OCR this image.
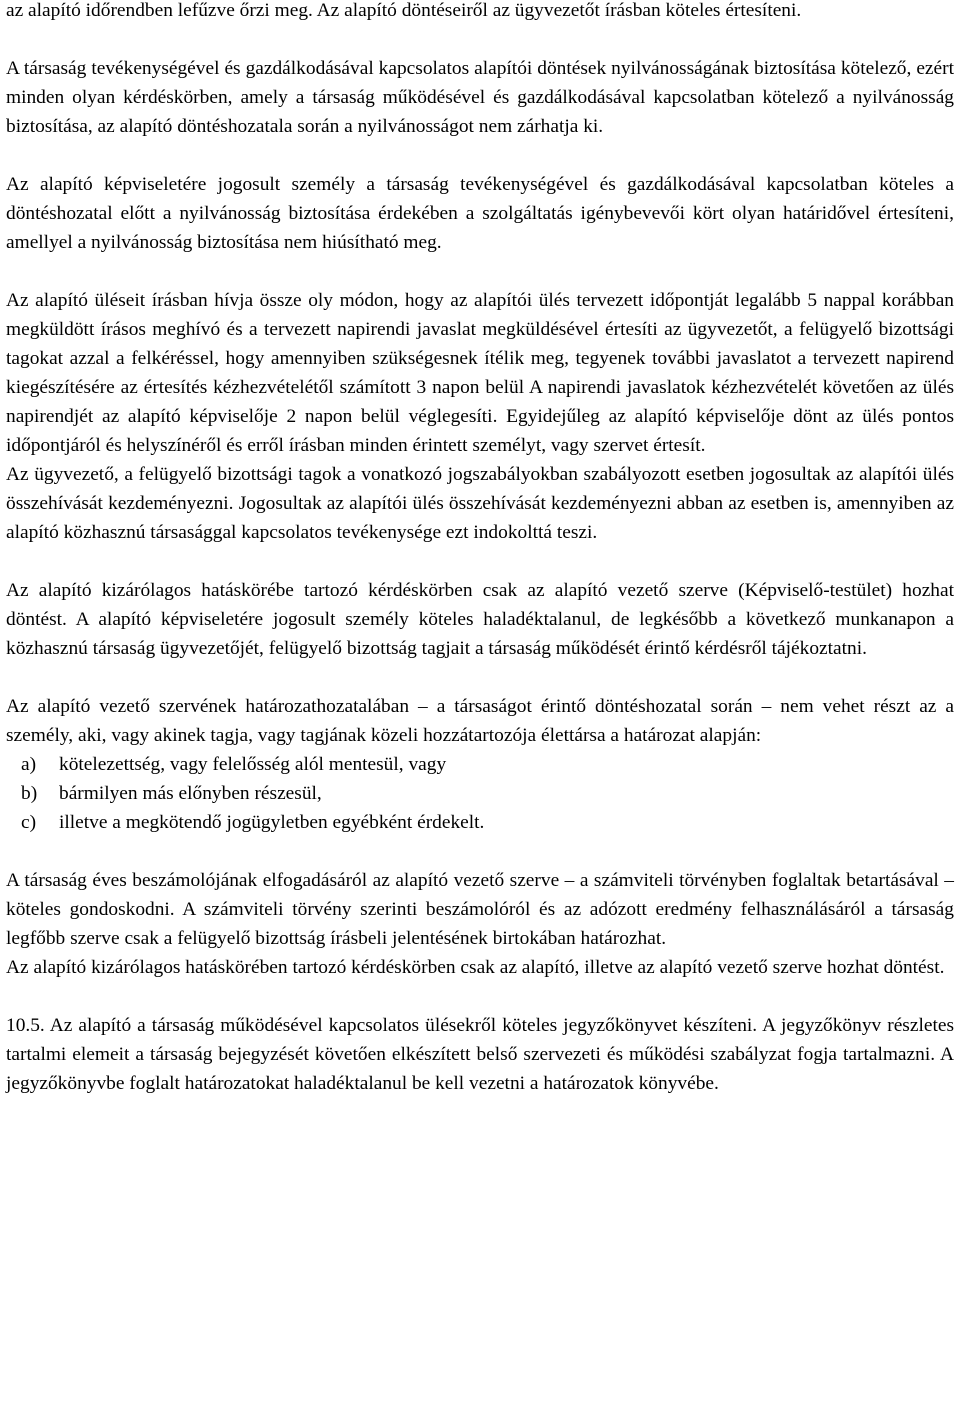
az alapító időrendben lefűzve őrzi meg. Az alapító döntéseiről az ügyvezetőt írásban köteles értesíteni.

A társaság tevékenységével és gazdálkodásával kapcsolatos alapítói döntések nyilvánosságának biztosítása kötelező, ezért minden olyan kérdéskörben, amely a társaság működésével és gazdálkodásával kapcsolatban kötelező a nyilvánosság biztosítása, az alapító döntéshozatala során a nyilvánosságot nem zárhatja ki.

Az alapító képviseletére jogosult személy a társaság tevékenységével és gazdálkodásával kapcsolatban köteles a döntéshozatal előtt a nyilvánosság biztosítása érdekében a szolgáltatás igénybevevői kört olyan határidővel értesíteni, amellyel a nyilvánosság biztosítása nem hiúsítható meg.

Az alapító üléseit írásban hívja össze oly módon, hogy az alapítói ülés tervezett időpontját legalább 5 nappal korábban megküldött írásos meghívó és a tervezett napirendi javaslat megküldésével értesíti az ügyvezetőt, a felügyelő bizottsági tagokat azzal a felkéréssel, hogy amennyiben szükségesnek ítélik meg, tegyenek további javaslatot a tervezett napirend kiegészítésére az értesítés kézhezvételétől számított 3 napon belül A napirendi javaslatok kézhezvételét követően az ülés napirendjét az alapító képviselője 2 napon belül véglegesíti. Egyidejűleg az alapító képviselője dönt az ülés pontos időpontjáról és helyszínéről és erről írásban minden érintett személyt, vagy szervet értesít.

Az ügyvezető, a felügyelő bizottsági tagok a vonatkozó jogszabályokban szabályozott esetben jogosultak az alapítói ülés összehívását kezdeményezni. Jogosultak az alapítói ülés összehívását kezdeményezni abban az esetben is, amennyiben az alapító közhasznú társasággal kapcsolatos tevékenysége ezt indokolttá teszi.

Az alapító kizárólagos hatáskörébe tartozó kérdéskörben csak az alapító vezető szerve (Képviselő-testület) hozhat döntést. A alapító képviseletére jogosult személy köteles haladéktalanul, de legkésőbb a következő munkanapon a közhasznú társaság ügyvezetőjét, felügyelő bizottság tagjait a társaság működését érintő kérdésről tájékoztatni.

Az alapító vezető szervének határozathozatalában – a társaságot érintő döntéshozatal során – nem vehet részt az a személy, aki, vagy akinek tagja, vagy tagjának közeli hozzátartozója élettársa a határozat alapján:

a)	kötelezettség, vagy felelősség alól mentesül, vagy
b)	bármilyen más előnyben részesül,
c)	illetve a megkötendő jogügyletben egyébként érdekelt.

A társaság éves beszámolójának elfogadásáról az alapító vezető szerve – a számviteli törvényben foglaltak betartásával – köteles gondoskodni. A számviteli törvény szerinti beszámolóról és az adózott eredmény felhasználásáról a társaság legfőbb szerve csak a felügyelő bizottság írásbeli jelentésének birtokában határozhat.

Az alapító kizárólagos hatáskörében tartozó kérdéskörben csak az alapító, illetve az alapító vezető szerve hozhat döntést.

10.5. Az alapító a társaság működésével kapcsolatos ülésekről köteles jegyzőkönyvet készíteni. A jegyzőkönyv részletes tartalmi elemeit a társaság bejegyzését követően elkészített belső szervezeti és működési szabályzat fogja tartalmazni. A jegyzőkönyvbe foglalt határozatokat haladéktalanul be kell vezetni a határozatok könyvébe.
